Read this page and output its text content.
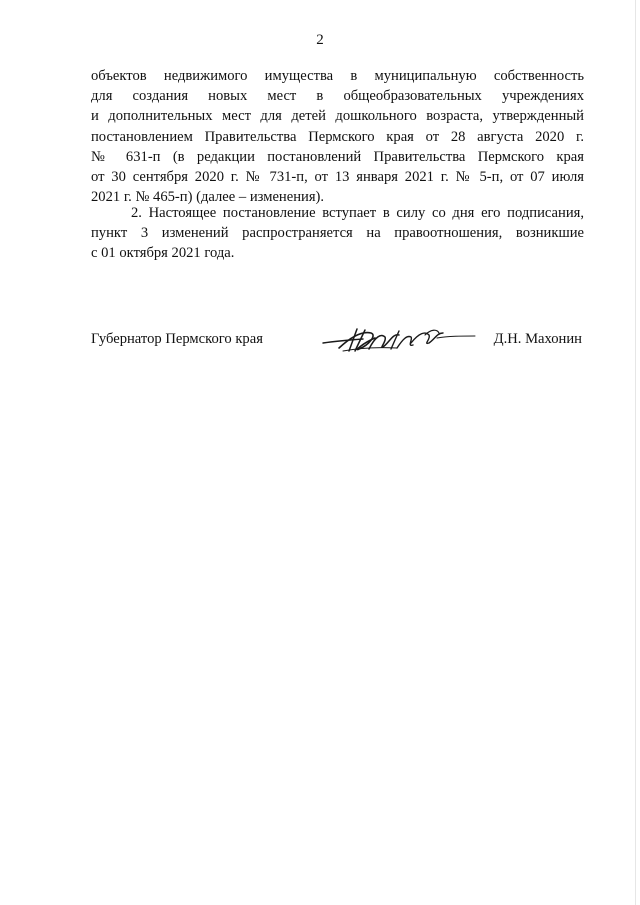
2
объектов недвижимого имущества в муниципальную собственность
для создания новых мест в общеобразовательных учреждениях
и дополнительных мест для детей дошкольного возраста, утвержденный
постановлением Правительства Пермского края от 28 августа 2020 г.
№ 631-п (в редакции постановлений Правительства Пермского края
от 30 сентября 2020 г. № 731-п, от 13 января 2021 г. № 5-п, от 07 июля
2021 г. № 465-п) (далее – изменения).
2. Настоящее постановление вступает в силу со дня его подписания,
пункт 3 изменений распространяется на правоотношения, возникшие
с 01 октября 2021 года.
Губернатор Пермского края	Д.Н. Махонин
